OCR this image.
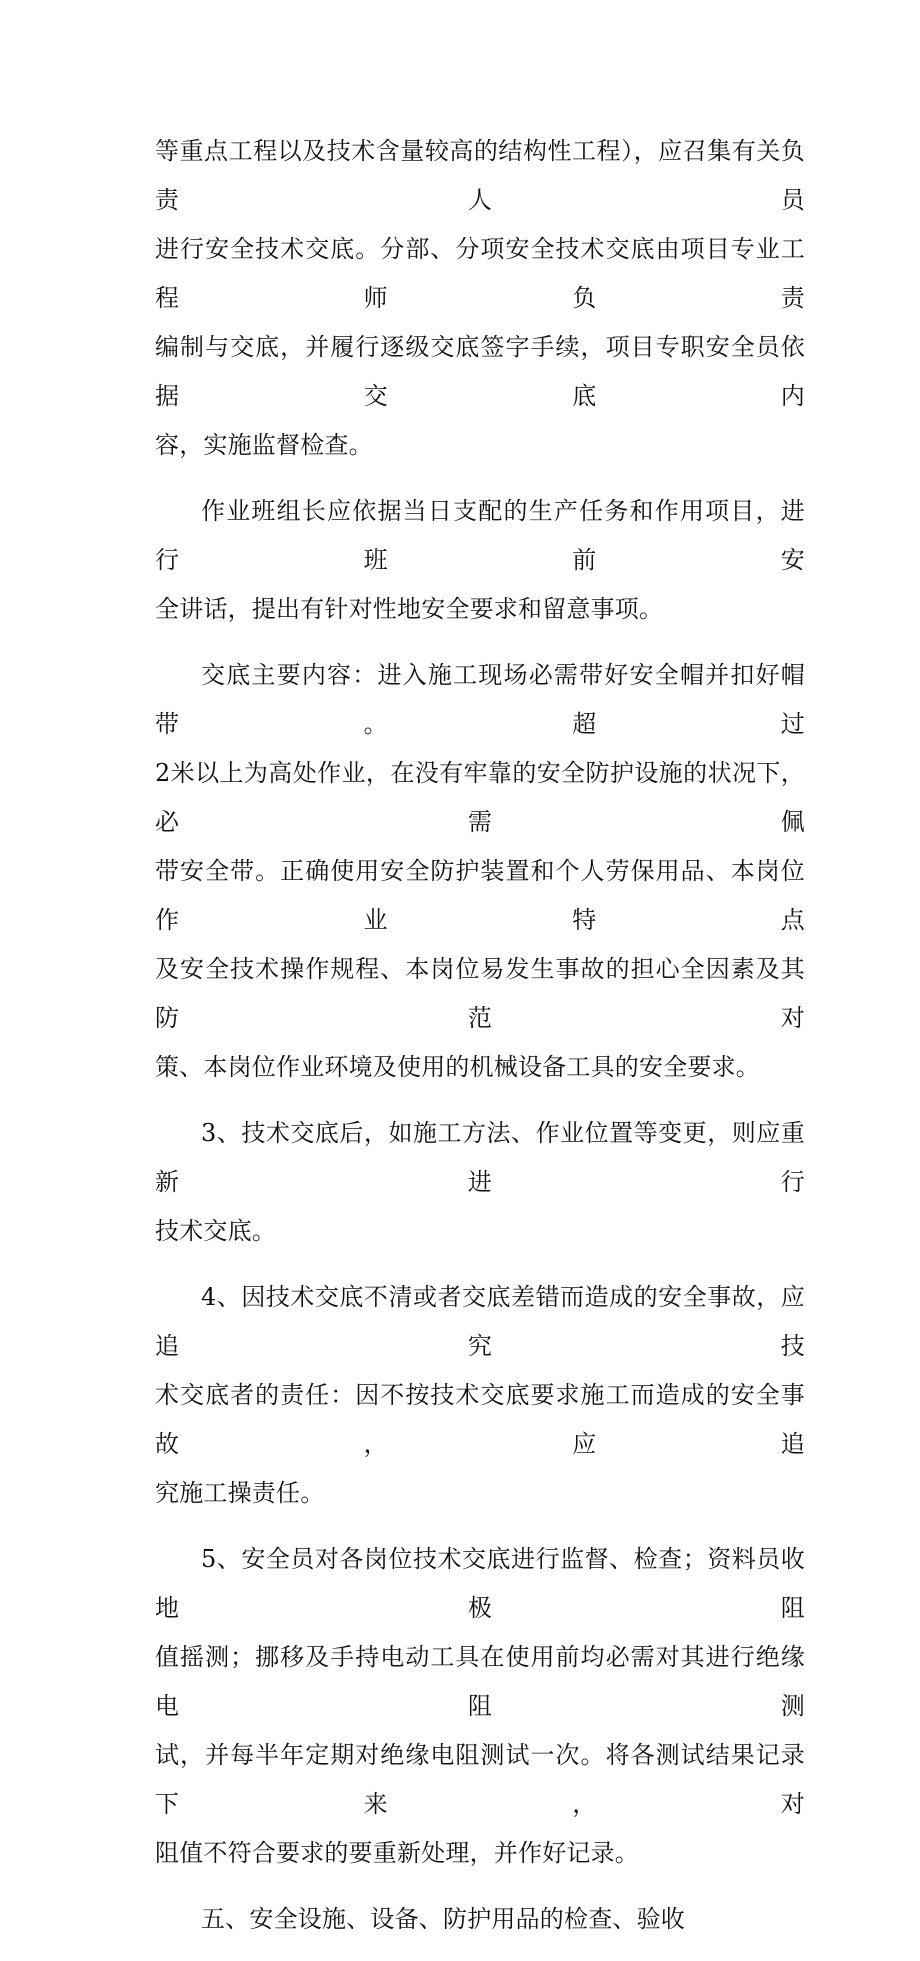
等重点工程以及技术含量较高的结构性工程），应召集有关负责人员
进行安全技术交底。分部、分项安全技术交底由项目专业工程师负责
编制与交底，并履行逐级交底签字手续，项目专职安全员依据交底内
容，实施监督检查。

作业班组长应依据当日支配的生产任务和作用项目，进行班前安
全讲话，提出有针对性地安全要求和留意事项。

交底主要内容：进入施工现场必需带好安全帽并扣好帽带。超过
2米以上为高处作业，在没有牢靠的安全防护设施的状况下，必需佩
带安全带。正确使用安全防护装置和个人劳保用品、本岗位作业特点
及安全技术操作规程、本岗位易发生事故的担心全因素及其防范对
策、本岗位作业环境及使用的机械设备工具的安全要求。

3、技术交底后，如施工方法、作业位置等变更，则应重新进行
技术交底。

4、因技术交底不清或者交底差错而造成的安全事故，应追究技
术交底者的责任：因不按技术交底要求施工而造成的安全事故，应追
究施工操责任。

5、安全员对各岗位技术交底进行监督、检查；资料员收地极阻
值摇测；挪移及手持电动工具在使用前均必需对其进行绝缘电阻测
试，并每半年定期对绝缘电阻测试一次。将各测试结果记录下来，对
阻值不符合要求的要重新处理，并作好记录。

五、安全设施、设备、防护用品的检查、验收
